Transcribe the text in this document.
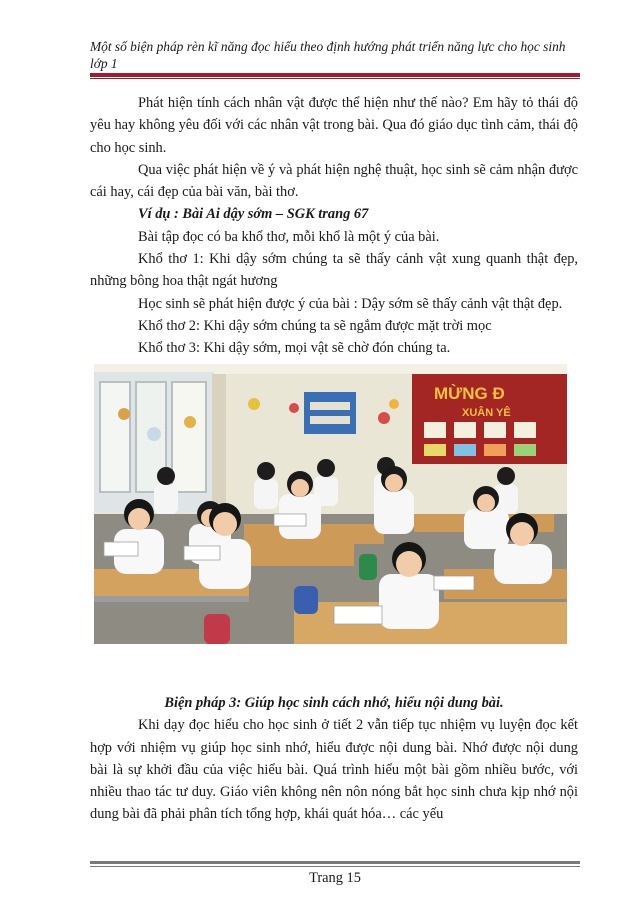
Một số biện pháp rèn kĩ năng đọc hiểu theo định hướng phát triển năng lực cho học sinh lớp 1

Phát hiện tính cách nhân vật được thể hiện như thế nào? Em hãy tỏ thái độ yêu hay không yêu đối với các nhân vật trong bài. Qua đó giáo dục tình cảm, thái độ cho học sinh.

Qua việc phát hiện về ý và phát hiện nghệ thuật, học sinh sẽ cảm nhận được cái hay, cái đẹp của bài văn, bài thơ.

Ví dụ : Bài Ai dậy sớm – SGK trang 67

Bài tập đọc có ba khổ thơ, mỗi khổ là một ý của bài.

Khổ thơ 1: Khi dậy sớm chúng ta sẽ thấy cảnh vật xung quanh thật đẹp, những bông hoa thật ngát hương

Học sinh sẽ phát hiện được ý của bài : Dậy sớm sẽ thấy cảnh vật thật đẹp.

Khổ thơ 2: Khi dậy sớm chúng ta sẽ ngắm được mặt trời mọc

Khổ thơ 3: Khi dậy sớm, mọi vật sẽ chờ đón chúng ta.

MỪNG Đ
XUÂN YÊ

Biện pháp 3: Giúp học sinh cách nhớ, hiểu nội dung bài.

Khi dạy đọc hiểu cho học sinh ở tiết 2 vẫn tiếp tục nhiệm vụ luyện đọc kết hợp với nhiệm vụ giúp học sinh nhớ, hiểu được nội dung bài. Nhớ được nội dung bài là sự khởi đầu của việc hiểu bài. Quá trình hiểu một bài gồm nhiều bước, với nhiều thao tác tư duy. Giáo viên không nên nôn nóng bắt học sinh chưa kịp nhớ nội dung bài đã phải phân tích tổng hợp, khái quát hóa… các yếu

Trang 15
